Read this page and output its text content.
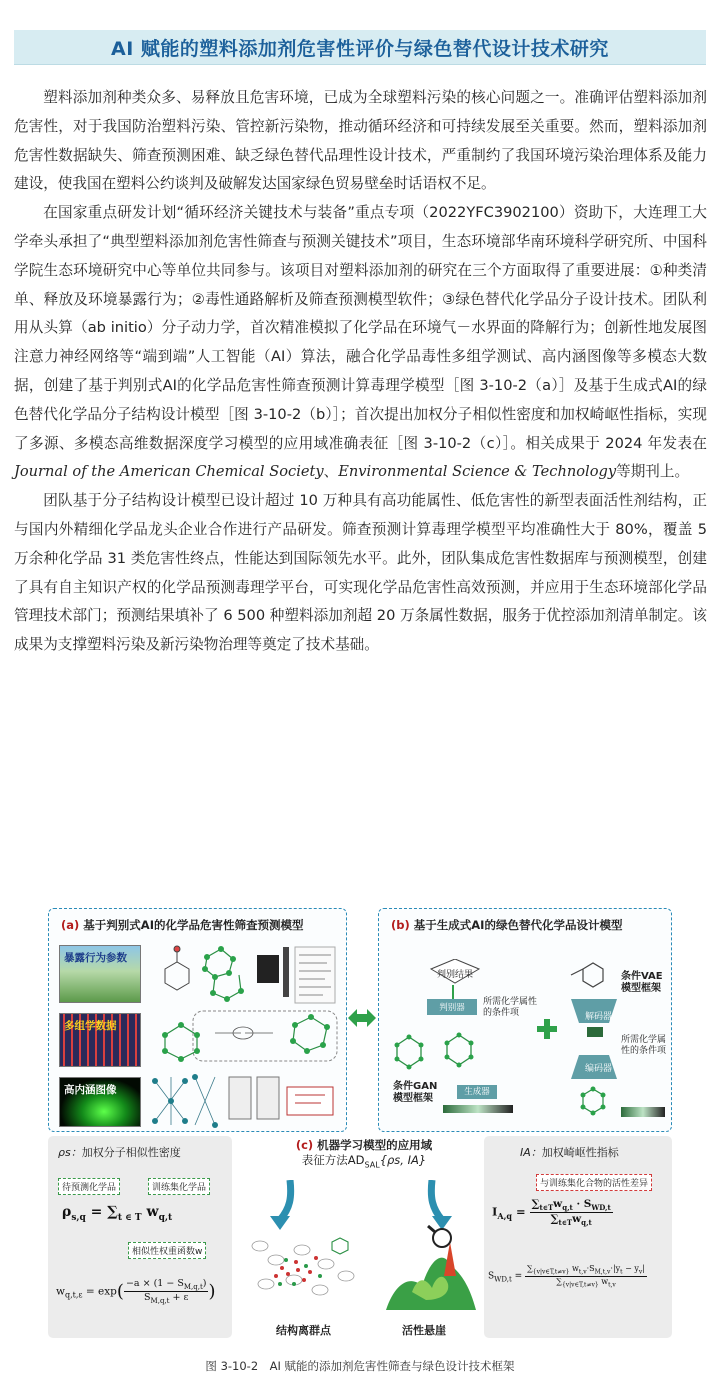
AI 赋能的塑料添加剂危害性评价与绿色替代设计技术研究

塑料添加剂种类众多、易释放且危害环境，已成为全球塑料污染的核心问题之一。准确评估塑料添加剂危害性，对于我国防治塑料污染、管控新污染物，推动循环经济和可持续发展至关重要。然而，塑料添加剂危害性数据缺失、筛查预测困难、缺乏绿色替代品理性设计技术，严重制约了我国环境污染治理体系及能力建设，使我国在塑料公约谈判及破解发达国家绿色贸易壁垒时话语权不足。

在国家重点研发计划“循环经济关键技术与装备”重点专项（2022YFC3902100）资助下，大连理工大学牵头承担了“典型塑料添加剂危害性筛查与预测关键技术”项目，生态环境部华南环境科学研究所、中国科学院生态环境研究中心等单位共同参与。该项目对塑料添加剂的研究在三个方面取得了重要进展：①种类清单、释放及环境暴露行为；②毒性通路解析及筛查预测模型软件；③绿色替代化学品分子设计技术。团队利用从头算（ab initio）分子动力学，首次精准模拟了化学品在环境气－水界面的降解行为；创新性地发展图注意力神经网络等“端到端”人工智能（AI）算法，融合化学品毒性多组学测试、高内涵图像等多模态大数据，创建了基于判别式AI的化学品危害性筛查预测计算毒理学模型［图 3-10-2（a）］及基于生成式AI的绿色替代化学品分子结构设计模型［图 3-10-2（b）］；首次提出加权分子相似性密度和加权崎岖性指标，实现了多源、多模态高维数据深度学习模型的应用域准确表征［图 3-10-2（c）］。相关成果于 2024 年发表在Journal of the American Chemical Society、Environmental Science & Technology等期刊上。

团队基于分子结构设计模型已设计超过 10 万种具有高功能属性、低危害性的新型表面活性剂结构，正与国内外精细化学品龙头企业合作进行产品研发。筛查预测计算毒理学模型平均准确性大于 80%，覆盖 5 万余种化学品 31 类危害性终点，性能达到国际领先水平。此外，团队集成危害性数据库与预测模型，创建了具有自主知识产权的化学品预测毒理学平台，可实现化学品危害性高效预测，并应用于生态环境部化学品管理技术部门；预测结果填补了 6 500 种塑料添加剂超 20 万条属性数据，服务于优控添加剂清单制定。该成果为支撑塑料污染及新污染物治理等奠定了技术基础。

(a) 基于判别式AI的化学品危害性筛查预测模型
暴露行为参数
多组学数据
高内涵图像
(b) 基于生成式AI的绿色替代化学品设计模型
判别结果
判别器
所需化学属性的条件项
生成器
条件GAN模型框架
解码器
编码器
条件VAE模型框架
所需化学属性的条件项
ρs：加权分子相似性密度
待预测化学品	训练集化学品
$\rho_{s,q} = \sum_{t \in T}$ $w_{q,t}$
相似性权重函数w
$w_{q,t,\varepsilon} = \exp( \frac{-a \times (1 - S_{M,q,t})}{S_{M,q,t} + \varepsilon}$ )
(c) 机器学习模型的应用域
表征方法$AD_{SAL}\{\rho s$, IA}
结构离群点	活性悬崖
IA：加权崎岖性指标
与训练集化合物的活性差异
$I_{A,q}$ =
$\sum_{t\in T}w_{q,t} \cdot S_{WD,t}$
$\sum_{t\in T}w_{q,t}$
$S_{WD,t} = \frac{\sum_{\{v|v\in T,t\ne v\}} w_{t,v}\cdot S_{M,t,v}\cdot|y_t - y_v|}{\sum_{\{v|v\in T,t\ne v\}} w_{t,v}}$
图 3-10-2　AI 赋能的添加剂危害性筛查与绿色设计技术框架
